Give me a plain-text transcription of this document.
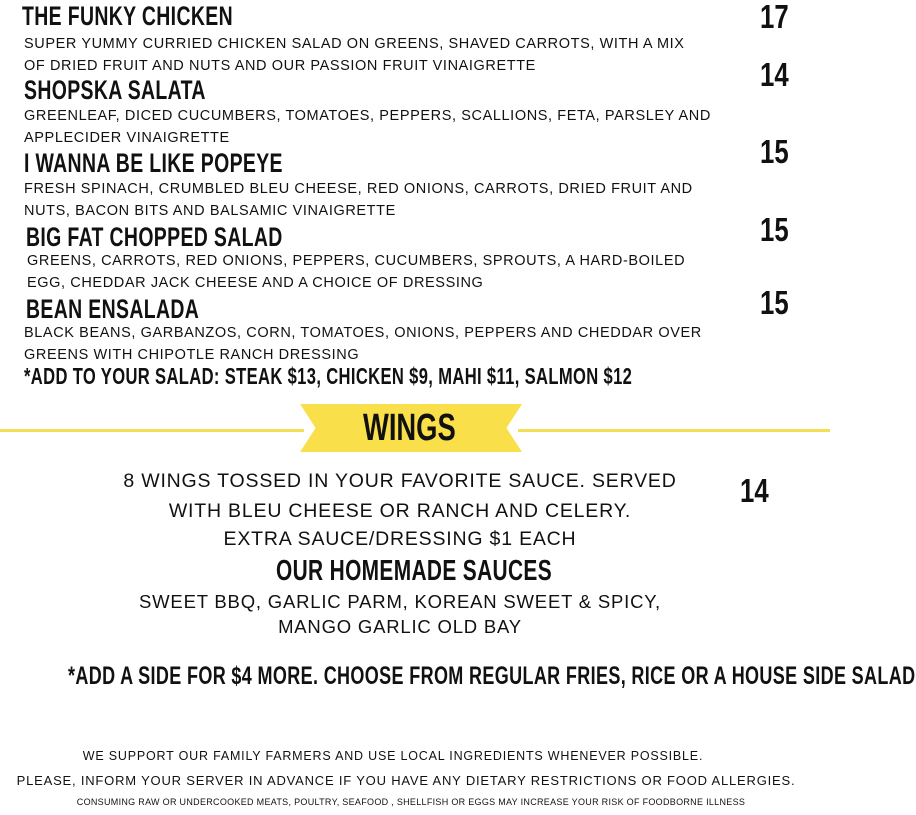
THE FUNKY CHICKEN	17
SUPER YUMMY CURRIED CHICKEN SALAD ON GREENS, SHAVED CARROTS, WITH A MIX
OF DRIED FRUIT AND NUTS AND OUR PASSION FRUIT VINAIGRETTE
SHOPSKA SALATA	14
GREENLEAF, DICED CUCUMBERS, TOMATOES, PEPPERS, SCALLIONS, FETA, PARSLEY AND
APPLECIDER VINAIGRETTE
I WANNA BE LIKE POPEYE	15
FRESH SPINACH, CRUMBLED BLEU CHEESE, RED ONIONS, CARROTS, DRIED FRUIT AND
NUTS, BACON BITS AND BALSAMIC VINAIGRETTE
BIG FAT CHOPPED SALAD	15
GREENS, CARROTS, RED ONIONS, PEPPERS, CUCUMBERS, SPROUTS, A HARD-BOILED
EGG, CHEDDAR JACK CHEESE AND A CHOICE OF DRESSING
BEAN ENSALADA	15
BLACK BEANS, GARBANZOS, CORN, TOMATOES, ONIONS, PEPPERS AND CHEDDAR OVER
GREENS WITH CHIPOTLE RANCH DRESSING
*ADD TO YOUR SALAD: STEAK $13, CHICKEN $9, MAHI $11, SALMON $12
WINGS
8 WINGS TOSSED IN YOUR FAVORITE SAUCE. SERVED
WITH BLEU CHEESE OR RANCH AND CELERY.
EXTRA SAUCE/DRESSING $1 EACH
14
OUR HOMEMADE SAUCES
SWEET BBQ, GARLIC PARM, KOREAN SWEET & SPICY,
MANGO GARLIC OLD BAY
*ADD A SIDE FOR $4 MORE. CHOOSE FROM REGULAR FRIES, RICE OR A HOUSE SIDE SALAD
WE SUPPORT OUR FAMILY FARMERS AND USE LOCAL INGREDIENTS WHENEVER POSSIBLE.
PLEASE, INFORM YOUR SERVER IN ADVANCE IF YOU HAVE ANY DIETARY RESTRICTIONS OR FOOD ALLERGIES.
CONSUMING RAW OR UNDERCOOKED MEATS, POULTRY, SEAFOOD , SHELLFISH OR EGGS MAY INCREASE YOUR RISK OF FOODBORNE ILLNESS
